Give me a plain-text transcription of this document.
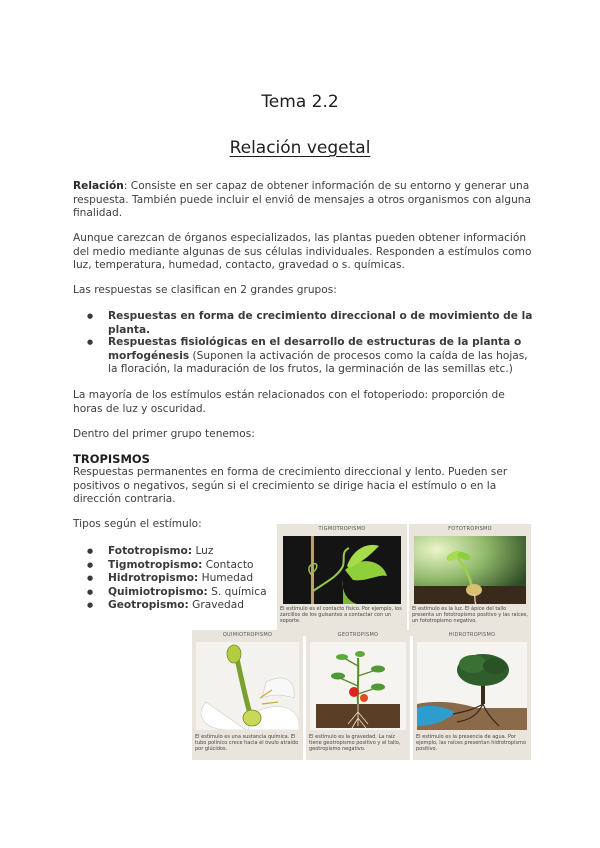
Tema 2.2
Relación vegetal

Relación: Consiste en ser capaz de obtener información de su entorno y generar una respuesta. También puede incluir el envió de mensajes a otros organismos con alguna finalidad.

Aunque carezcan de órganos especializados, las plantas pueden obtener información del medio mediante algunas de sus células individuales. Responden a estímulos como luz, temperatura, humedad, contacto, gravedad o s. químicas.

Las respuestas se clasifican en 2 grandes grupos:

● Respuestas en forma de crecimiento direccional o de movimiento de la planta.
● Respuestas fisiológicas en el desarrollo de estructuras de la planta o morfogénesis (Suponen la activación de procesos como la caída de las hojas, la floración, la maduración de los frutos, la germinación de las semillas etc.)

La mayoría de los estímulos están relacionados con el fotoperiodo: proporción de horas de luz y oscuridad.

Dentro del primer grupo tenemos:

TROPISMOS

Respuestas permanentes en forma de crecimiento direccional y lento. Pueden ser positivos o negativos, según si el crecimiento se dirige hacia el estímulo o en la dirección contraria.

Tipos según el estímulo:

● Fototropismo: Luz
● Tigmotropismo: Contacto
● Hidrotropismo: Humedad
● Quimiotropismo: S. química
● Geotropismo: Gravedad
TIGMOTROPISMO
El estímulo es el contacto físico. Por ejemplo, los zarcillos de los guisantes a contactar con un soporte.
FOTOTROPISMO
El estímulo es la luz. El ápice del tallo presenta un fototropismo positivo y las raíces, un fototropismo negativo.
QUIMIOTROPISMO
El estímulo es una sustancia química. El tubo polínico crece hacia el óvulo atraído por glúcidos.
GEOTROPISMO
El estímulo es la gravedad. La raíz tiene geotropismo positivo y el tallo, geotropismo negativo.
HIDROTROPISMO
El estímulo es la presencia de agua. Por ejemplo, las raíces presentan hidrotropismo positivo.
